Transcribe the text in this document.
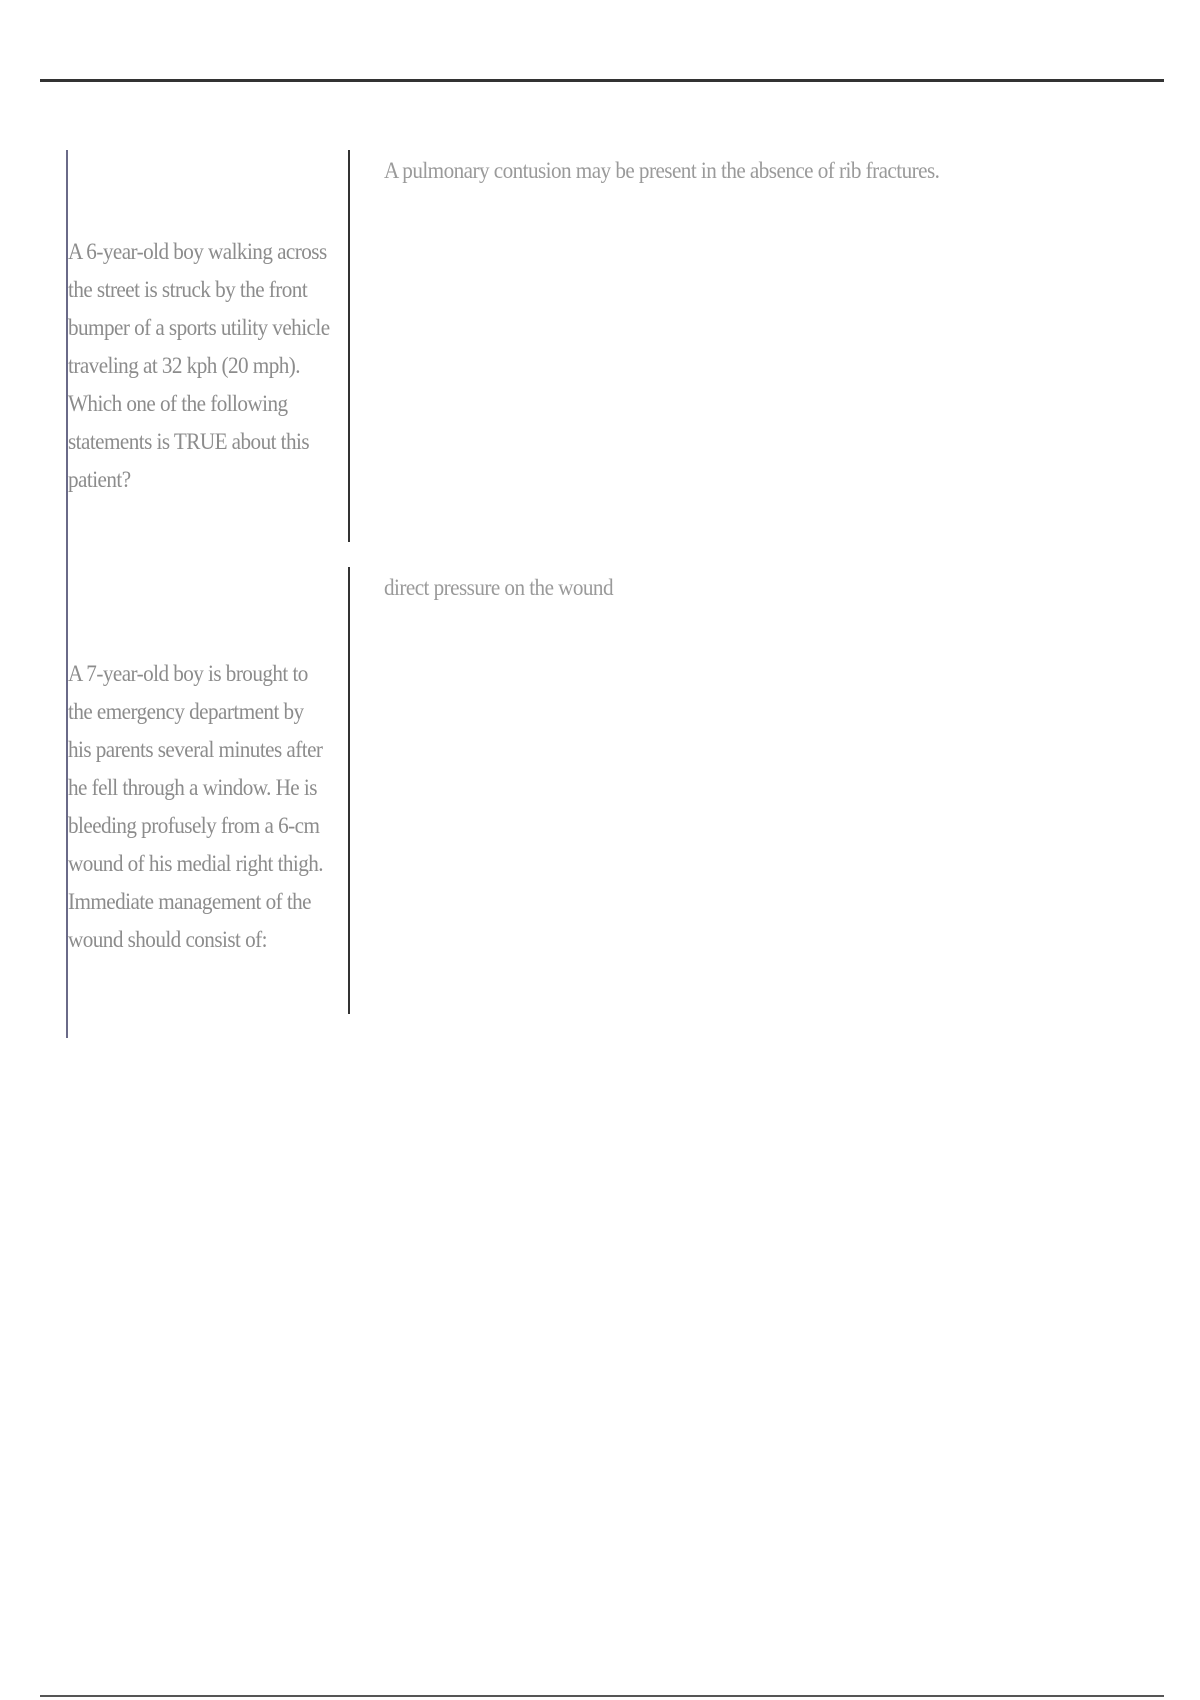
A 6-year-old boy walking across the street is struck by the front bumper of a sports utility vehicle traveling at 32 kph (20 mph). Which one of the following statements is TRUE about this patient?
A pulmonary contusion may be present in the absence of rib fractures.
A 7-year-old boy is brought to the emergency department by his parents several minutes after he fell through a window. He is bleeding profusely from a 6-cm wound of his medial right thigh. Immediate management of the wound should consist of:
direct pressure on the wound
